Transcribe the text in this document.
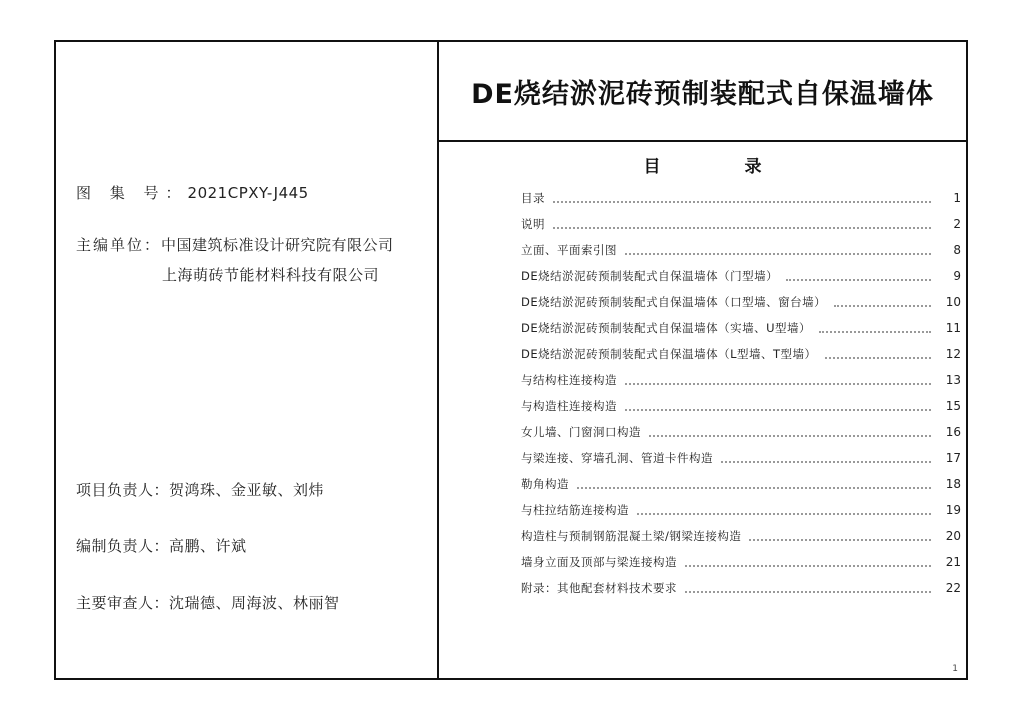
图 集 号：2021CPXY-J445
主编单位：中国建筑标准设计研究院有限公司
上海萌砖节能材料科技有限公司
项目负责人：贺鸿珠、金亚敏、刘炜
编制负责人：高鹏、许斌
主要审查人：沈瑞德、周海波、林丽智
DE烧结淤泥砖预制装配式自保温墙体
目录
目录	1
说明	2
立面、平面索引图	8
DE烧结淤泥砖预制装配式自保温墙体（门型墙）	9
DE烧结淤泥砖预制装配式自保温墙体（口型墙、窗台墙）	10
DE烧结淤泥砖预制装配式自保温墙体（实墙、U型墙）	11
DE烧结淤泥砖预制装配式自保温墙体（L型墙、T型墙）	12
与结构柱连接构造	13
与构造柱连接构造	15
女儿墙、门窗洞口构造	16
与梁连接、穿墙孔洞、管道卡件构造	17
勒角构造	18
与柱拉结筋连接构造	19
构造柱与预制钢筋混凝土梁/钢梁连接构造	20
墙身立面及顶部与梁连接构造	21
附录：其他配套材料技术要求	22
1
